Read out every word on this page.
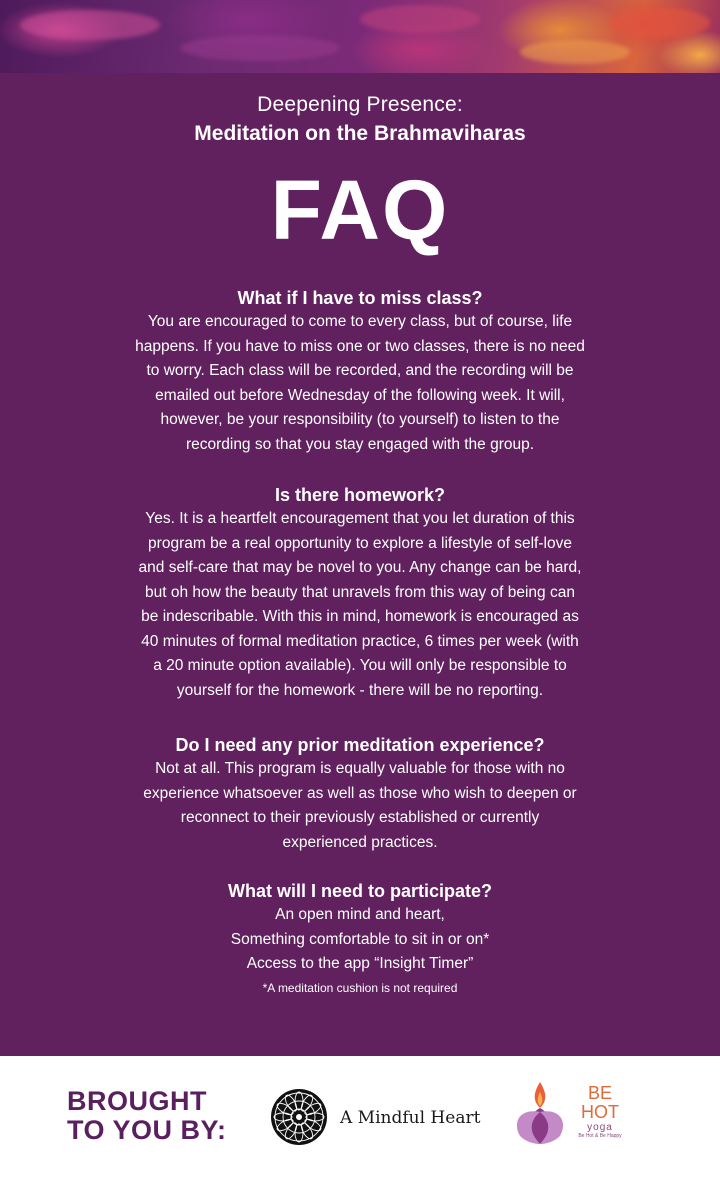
Deepening Presence:
Meditation on the Brahmaviharas
FAQ

What if I have to miss class?

You are encouraged to come to every class, but of course, life
happens. If you have to miss one or two classes, there is no need
to worry. Each class will be recorded, and the recording will be
emailed out before Wednesday of the following week. It will,
however, be your responsibility (to yourself) to listen to the
recording so that you stay engaged with the group.

Is there homework?

Yes. It is a heartfelt encouragement that you let duration of this
program be a real opportunity to explore a lifestyle of self-love
and self-care that may be novel to you. Any change can be hard,
but oh how the beauty that unravels from this way of being can
be indescribable. With this in mind, homework is encouraged as
40 minutes of formal meditation practice, 6 times per week (with
a 20 minute option available). You will only be responsible to
yourself for the homework - there will be no reporting.

Do I need any prior meditation experience?

Not at all. This program is equally valuable for those with no
experience whatsoever as well as those who wish to deepen or
reconnect to their previously established or currently
experienced practices.

What will I need to participate?

An open mind and heart,
Something comfortable to sit in or on*
Access to the app “Insight Timer”
*A meditation cushion is not required

BROUGHT
TO YOU BY:	A Mindful Heart
BE
HOT
yoga
Be Hot & Be Happy
